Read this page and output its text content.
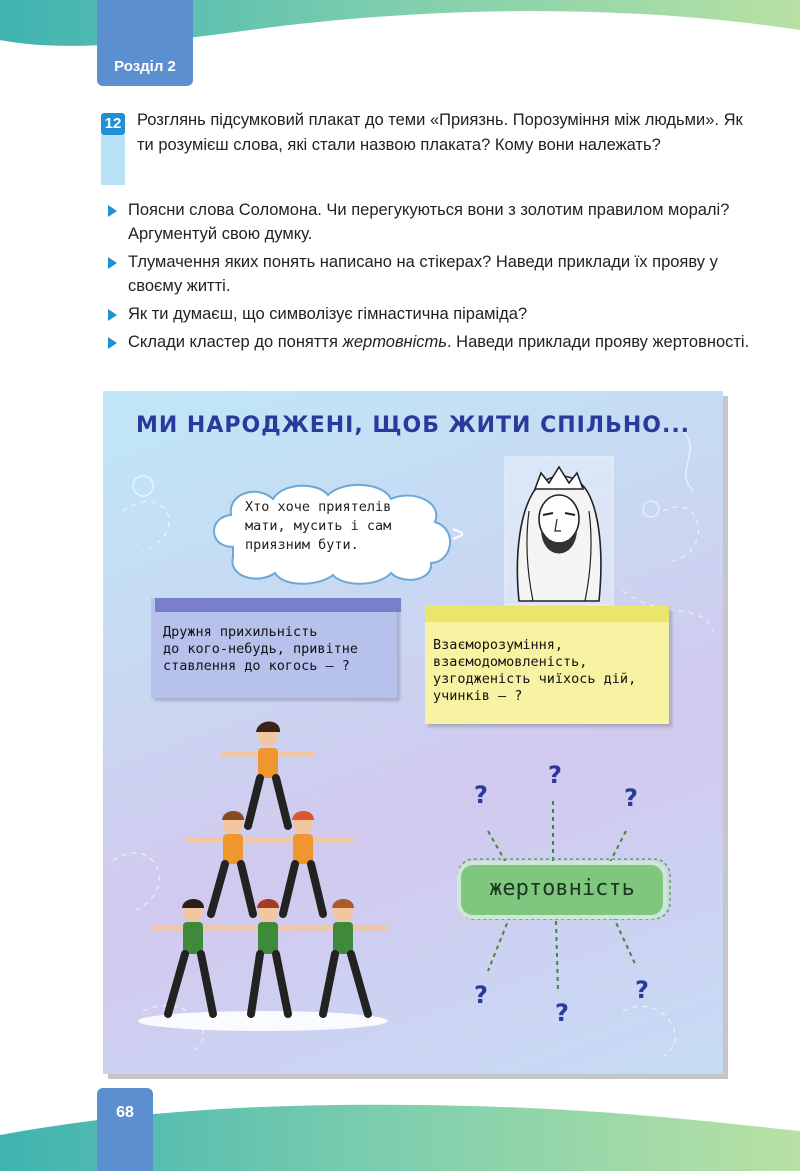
Розділ 2
12 Розглянь підсумковий плакат до теми «Приязнь. Порозуміння між людьми». Як ти розумієш слова, які стали назвою плаката? Кому вони належать?
Поясни слова Соломона. Чи перегукуються вони з золотим правилом моралі? Аргументуй свою думку.
Тлумачення яких понять написано на стікерах? Наведи приклади їх прояву у своєму житті.
Як ти думаєш, що символізує гімнастична піраміда?
Склади кластер до поняття жертовність. Наведи приклади прояву жертовності.
МИ НАРОДЖЕНІ, ЩОБ ЖИТИ СПІЛЬНО...
Хто хоче приятелів
мати, мусить і сам
приязним бути.
Дружня прихильність
до кого-небудь, привітне
ставлення до когось — ?
Взаєморозуміння,
взаємодомовленість,
узгодженість чиїхось дій,
учинків — ?
жертовність
?
?
?
?
?
?
68
